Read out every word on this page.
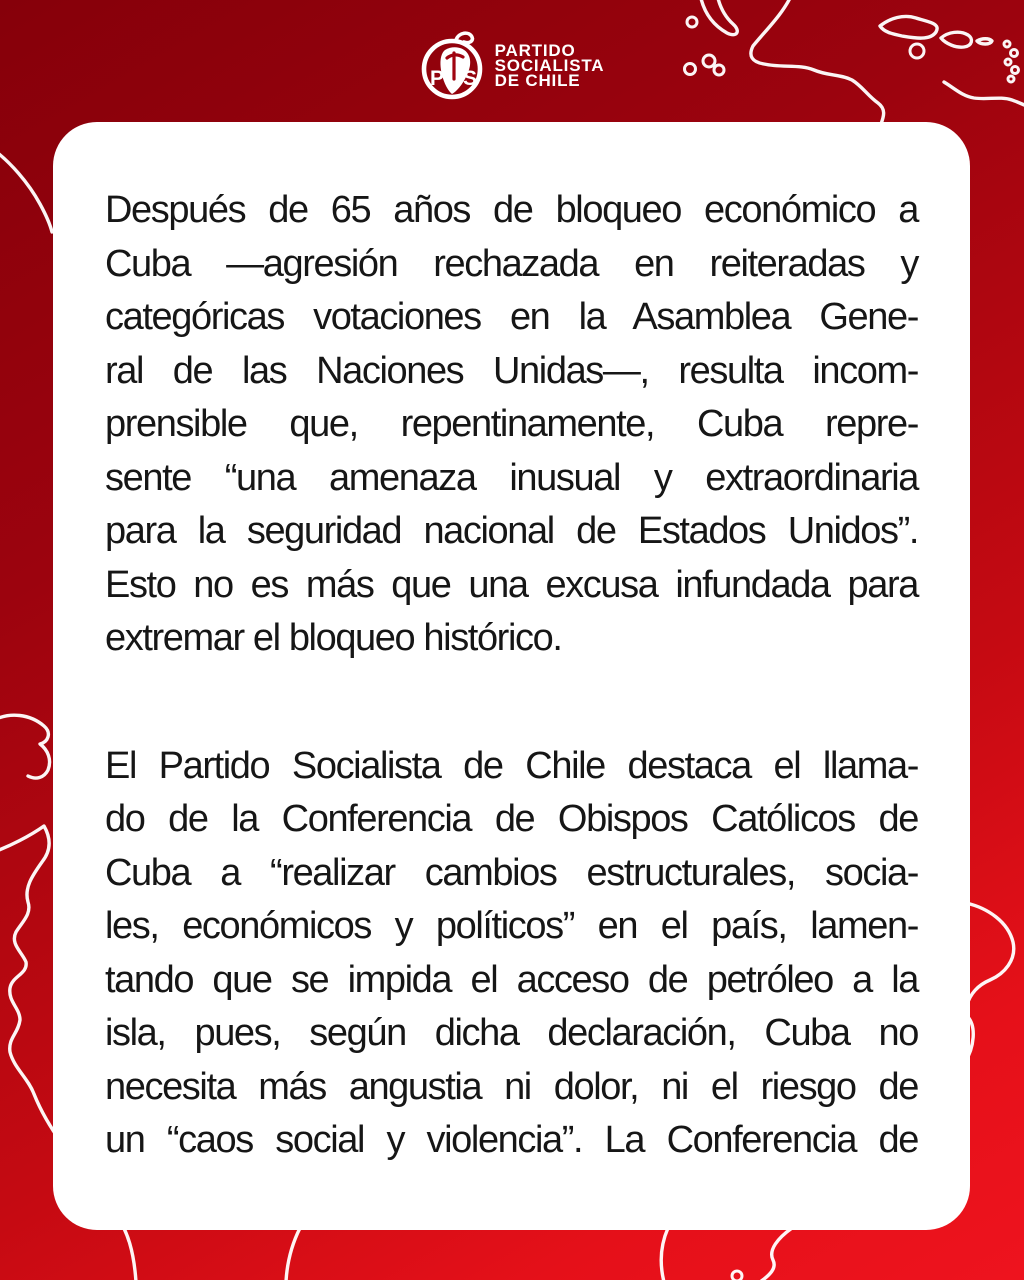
P S
PARTIDO
SOCIALISTA
DE CHILE
Después de 65 años de bloqueo económico a
Cuba —agresión rechazada en reiteradas y
categóricas votaciones en la Asamblea Gene-
ral de las Naciones Unidas—, resulta incom-
prensible que, repentinamente, Cuba repre-
sente “una amenaza inusual y extraordinaria
para la seguridad nacional de Estados Unidos”.
Esto no es más que una excusa infundada para
extremar el bloqueo histórico.
El Partido Socialista de Chile destaca el llama-
do de la Conferencia de Obispos Católicos de
Cuba a “realizar cambios estructurales, socia-
les, económicos y políticos” en el país, lamen-
tando que se impida el acceso de petróleo a la
isla, pues, según dicha declaración, Cuba no
necesita más angustia ni dolor, ni el riesgo de
un “caos social y violencia”. La Conferencia de
